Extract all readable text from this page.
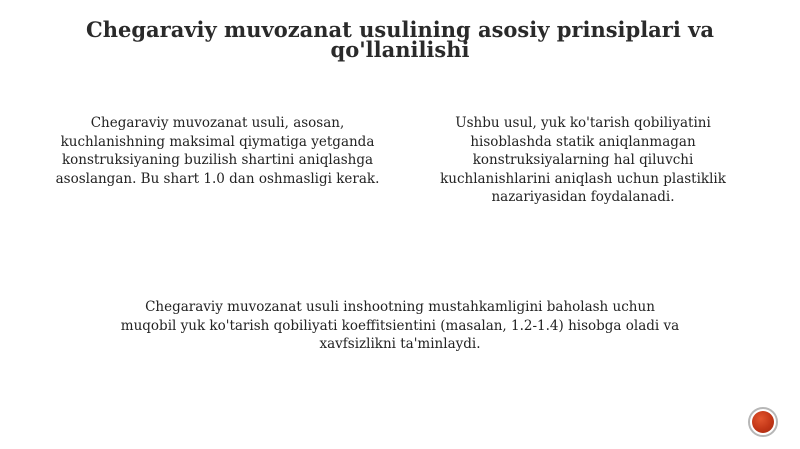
Chegaraviy muvozanat usulining asosiy prinsiplari va qo'llanilishi

Chegaraviy muvozanat usuli, asosan, kuchlanishning maksimal qiymatiga yetganda konstruksiyaning buzilish shartini aniqlashga asoslangan. Bu shart 1.0 dan oshmasligi kerak.

Ushbu usul, yuk ko'tarish qobiliyatini hisoblashda statik aniqlanmagan konstruksiyalarning hal qiluvchi kuchlanishlarini aniqlash uchun plastiklik nazariyasidan foydalanadi.

Chegaraviy muvozanat usuli inshootning mustahkamligini baholash uchun muqobil yuk ko'tarish qobiliyati koeffitsientini (masalan, 1.2-1.4) hisobga oladi va xavfsizlikni ta'minlaydi.
